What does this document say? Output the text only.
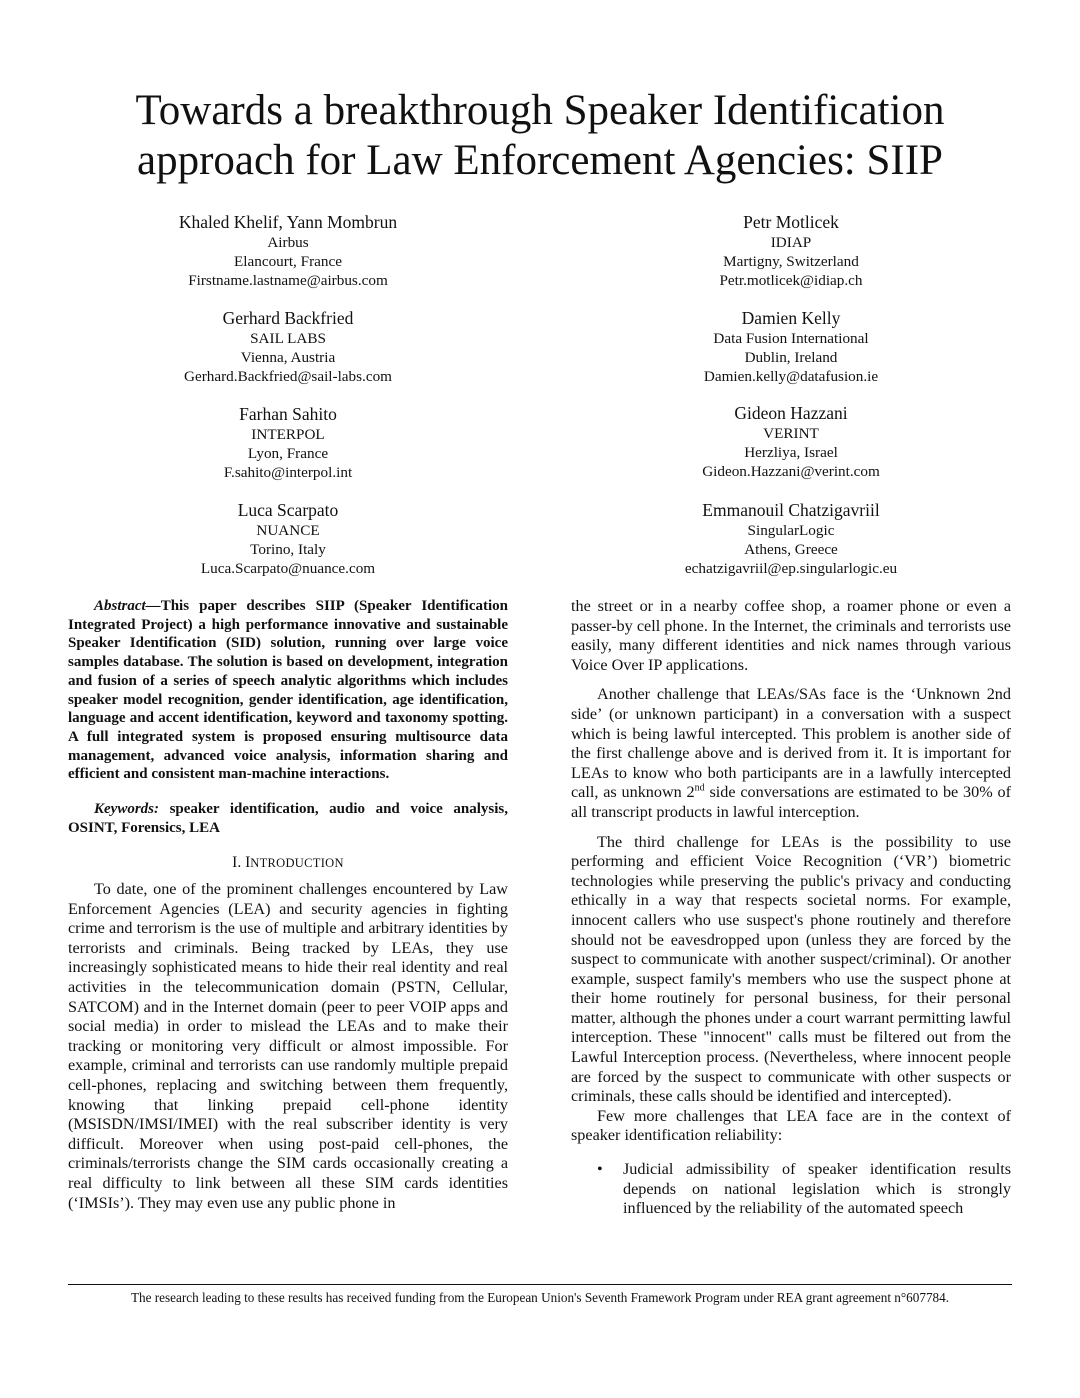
Towards a breakthrough Speaker Identification
approach for Law Enforcement Agencies: SIIP
Khaled Khelif, Yann Mombrun
Airbus
Elancourt, France
Firstname.lastname@airbus.com
Petr Motlicek
IDIAP
Martigny, Switzerland
Petr.motlicek@idiap.ch
Gerhard Backfried
SAIL LABS
Vienna, Austria
Gerhard.Backfried@sail-labs.com
Damien Kelly
Data Fusion International
Dublin, Ireland
Damien.kelly@datafusion.ie
Farhan Sahito
INTERPOL
Lyon, France
F.sahito@interpol.int
Gideon Hazzani
VERINT
Herzliya, Israel
Gideon.Hazzani@verint.com
Luca Scarpato
NUANCE
Torino, Italy
Luca.Scarpato@nuance.com
Emmanouil Chatzigavriil
SingularLogic
Athens, Greece
echatzigavriil@ep.singularlogic.eu

Abstract—This paper describes SIIP (Speaker Identification Integrated Project) a high performance innovative and sustainable Speaker Identification (SID) solution, running over large voice samples database. The solution is based on development, integration and fusion of a series of speech analytic algorithms which includes speaker model recognition, gender identification, age identification, language and accent identification, keyword and taxonomy spotting. A full integrated system is proposed ensuring multisource data management, advanced voice analysis, information sharing and efficient and consistent man-machine interactions.

Keywords: speaker identification, audio and voice analysis, OSINT, Forensics, LEA

I. INTRODUCTION

To date, one of the prominent challenges encountered by Law Enforcement Agencies (LEA) and security agencies in fighting crime and terrorism is the use of multiple and arbitrary identities by terrorists and criminals. Being tracked by LEAs, they use increasingly sophisticated means to hide their real identity and real activities in the telecommunication domain (PSTN, Cellular, SATCOM) and in the Internet domain (peer to peer VOIP apps and social media) in order to mislead the LEAs and to make their tracking or monitoring very difficult or almost impossible. For example, criminal and terrorists can use randomly multiple prepaid cell-phones, replacing and switching between them frequently, knowing that linking prepaid cell-phone identity (MSISDN/IMSI/IMEI) with the real subscriber identity is very difficult. Moreover when using post-paid cell-phones, the criminals/terrorists change the SIM cards occasionally creating a real difficulty to link between all these SIM cards identities (‘IMSIs’). They may even use any public phone in

the street or in a nearby coffee shop, a roamer phone or even a passer-by cell phone. In the Internet, the criminals and terrorists use easily, many different identities and nick names through various Voice Over IP applications.

Another challenge that LEAs/SAs face is the ‘Unknown 2nd side’ (or unknown participant) in a conversation with a suspect which is being lawful intercepted. This problem is another side of the first challenge above and is derived from it. It is important for LEAs to know who both participants are in a lawfully intercepted call, as unknown 2nd side conversations are estimated to be 30% of all transcript products in lawful interception.

The third challenge for LEAs is the possibility to use performing and efficient Voice Recognition (‘VR’) biometric technologies while preserving the public's privacy and conducting ethically in a way that respects societal norms. For example, innocent callers who use suspect's phone routinely and therefore should not be eavesdropped upon (unless they are forced by the suspect to communicate with another suspect/criminal). Or another example, suspect family's members who use the suspect phone at their home routinely for personal business, for their personal matter, although the phones under a court warrant permitting lawful interception. These "innocent" calls must be filtered out from the Lawful Interception process. (Nevertheless, where innocent people are forced by the suspect to communicate with other suspects or criminals, these calls should be identified and intercepted).

Few more challenges that LEA face are in the context of speaker identification reliability:

• Judicial admissibility of speaker identification results depends on national legislation which is strongly influenced by the reliability of the automated speech

The research leading to these results has received funding from the European Union's Seventh Framework Program under REA grant agreement n°607784.
